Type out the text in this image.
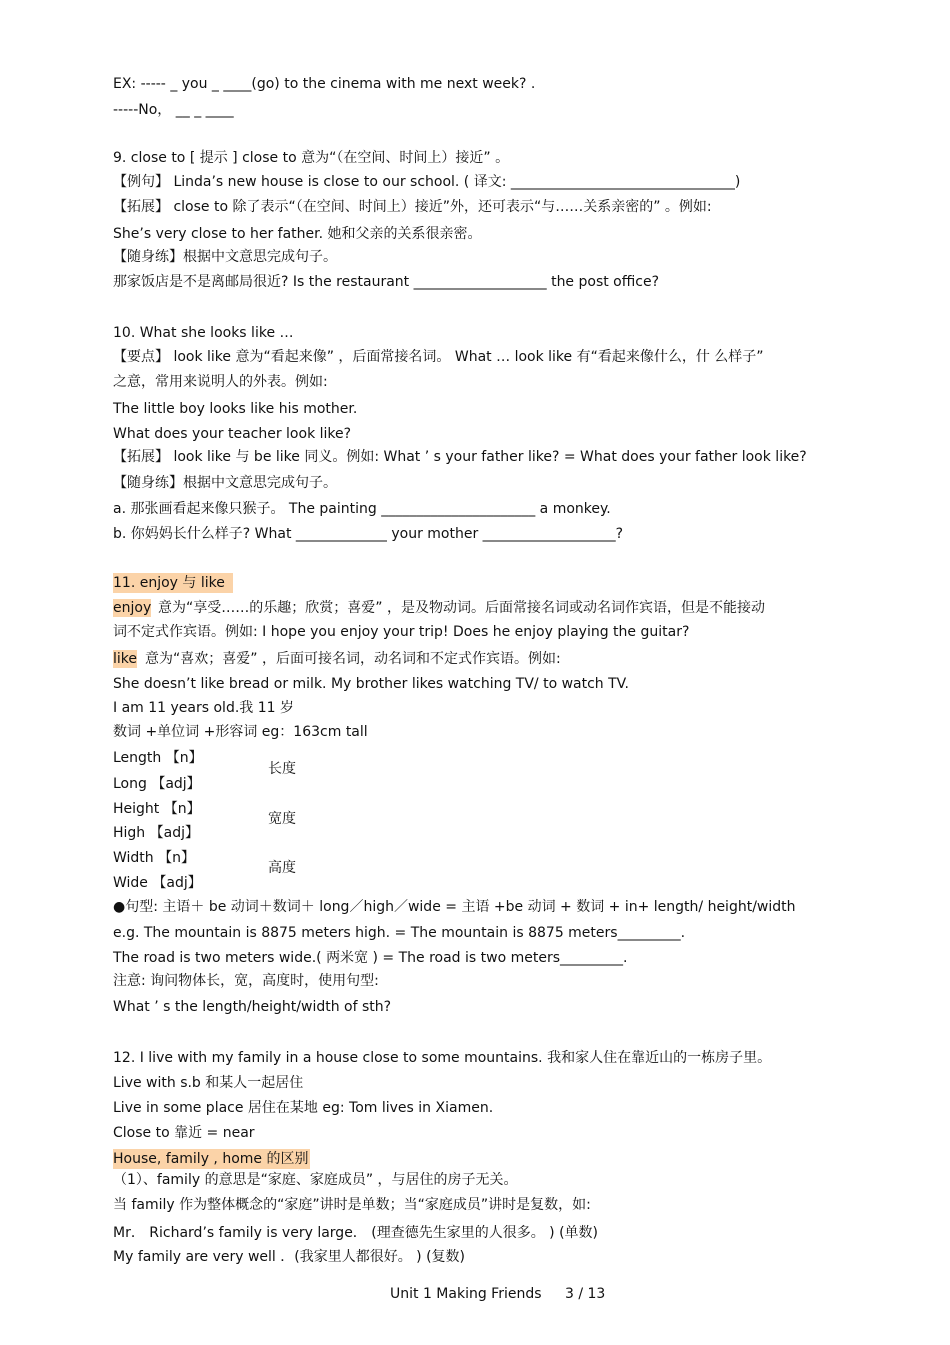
EX: ----- _ you _ ____(go) to the cinema with me next week? .
-----No， __ _ ____
9. close to [ 提示 ] close to 意为“（在空间、时间上）接近” 。
【例句】 Linda’s new house is close to our school. ( 译文: ________________________________)
【拓展】 close to 除了表示“（在空间、时间上）接近”外，还可表示“与……关系亲密的” 。例如:
She’s very close to her father. 她和父亲的关系很亲密。
【随身练】根据中文意思完成句子。
那家饭店是不是离邮局很近? Is the restaurant ___________________ the post office?
10. What she looks like …
【要点】 look like 意为“看起来像” ，后面常接名词。 What … look like 有“看起来像什么，什 么样子”
之意，常用来说明人的外表。例如:
The little boy looks like his mother.
What does your teacher look like?
【拓展】 look like 与 be like 同义。例如: What ’ s your father like? = What does your father look like?
【随身练】根据中文意思完成句子。
a. 那张画看起来像只猴子。 The painting ______________________ a monkey.
b. 你妈妈长什么样子? What _____________ your mother ___________________?
11. enjoy 与 like
意为“享受……的乐趣；欣赏；喜爱” ，是及物动词。后面常接名词或动名词作宾语，但是不能接动
enjoy
词不定式作宾语。例如: I hope you enjoy your trip! Does he enjoy playing the guitar?
意为“喜欢；喜爱” ，后面可接名词，动名词和不定式作宾语。例如:
like
She doesn’t like bread or milk. My brother likes watching TV/ to watch TV.
I am 11 years old.我 11 岁
数词 +单位词 +形容词 eg：163cm tall
Length 【n】
Long 【adj】
Height 【n】
High 【adj】
Width 【n】
Wide 【adj】
长度
宽度
高度
●句型: 主语＋ be 动词＋数词＋ long／high／wide = 主语 +be 动词 + 数词 + in+ length/ height/width
e.g. The mountain is 8875 meters high. = The mountain is 8875 meters_________.
The road is two meters wide.( 两米宽 ) = The road is two meters_________.
注意: 询问物体长，宽，高度时，使用句型:
What ’ s the length/height/width of sth?
12. I live with my family in a house close to some mountains. 我和家人住在靠近山的一栋房子里。
Live with s.b 和某人一起居住
Live in some place 居住在某地 eg: Tom lives in Xiamen.
Close to 靠近 = near
House, family , home 的区别
（1）、family 的意思是“家庭、家庭成员” ，与居住的房子无关。
当 family 作为整体概念的“家庭”讲时是单数；当“家庭成员”讲时是复数，如:
Mr． Richard’s family is very large． (理查德先生家里的人很多。 ) (单数)
My family are very well ．(我家里人都很好。 ) (复数)
Unit 1 Making Friends 3 / 13
